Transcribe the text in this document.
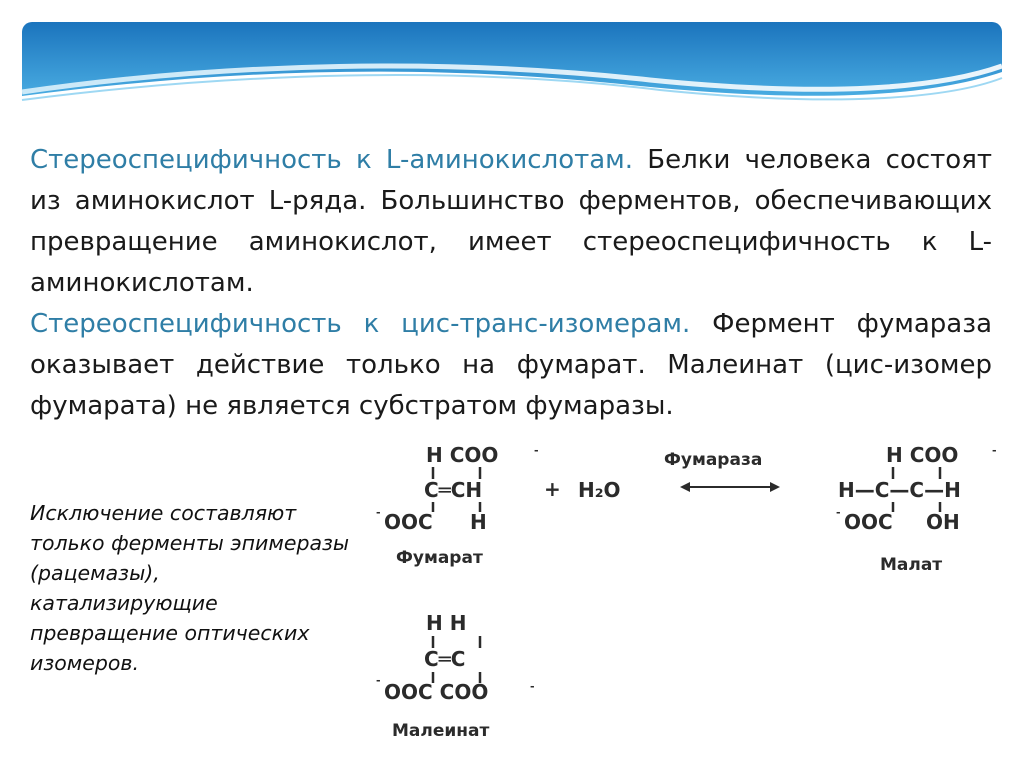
Стереоспецифичность к L-аминокислотам. Белки человека состоят из аминокислот L-ряда. Большинство ферментов, обеспечивающих превращение аминокислот, имеет стереоспецифичность к L-аминокислотам.

Стереоспецифичность к цис-транс-изомерам. Фермент фумараза оказывает действие только на фумарат. Малеинат (цис-изомер фумарата) не является субстратом фумаразы.

Исключение составляют только ферменты эпимеразы (рацемазы), катализирующие превращение оптических изомеров.

H COO	-
C═CH
- OOC H
Фумарат
+ H₂O
Фумараза	H COO	-
H—C—C—H
- OOC OH
Малат
H H
C═C
- OOC COO	-
Малеинат
